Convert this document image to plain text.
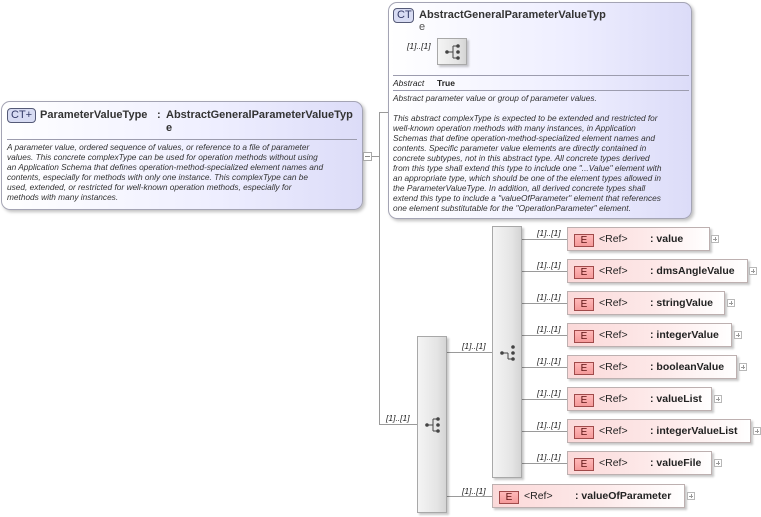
CT+ ParameterValueType : AbstractGeneralParameterValueTyp
e
A parameter value, ordered sequence of values, or reference to a file of parameter
values. This concrete complexType can be used for operation methods without using
an Application Schema that defines operation-method-specialized element names and
contents, especially for methods with only one instance. This complexType can be
used, extended, or restricted for well-known operation methods, especially for
methods with many instances.
CT AbstractGeneralParameterValueTyp
e
[1]..[1]
Abstract True
Abstract parameter value or group of parameter values.
This abstract complexType is expected to be extended and restricted for
well-known operation methods with many instances, in Application
Schemas that define operation-method-specialized element names and
contents. Specific parameter value elements are directly contained in
concrete subtypes, not in this abstract type. All concrete types derived
from this type shall extend this type to include one "...Value" element with
an appropriate type, which should be one of the element types allowed in
the ParameterValueType. In addition, all derived concrete types shall
extend this type to include a "valueOfParameter" element that references
one element substitutable for the "OperationParameter" element.
[1]..[1]
[1]..[1]
[1]..[1]
E	<Ref> : value
[1]..[1]
E	<Ref> : dmsAngleValue
[1]..[1]
E	<Ref> : stringValue
[1]..[1]
E	<Ref> : integerValue
[1]..[1]
E	<Ref> : booleanValue
[1]..[1]
E	<Ref> : valueList
[1]..[1]
E	<Ref> : integerValueList
[1]..[1]
E	<Ref> : valueFile
[1]..[1]
E	<Ref> : valueOfParameter
